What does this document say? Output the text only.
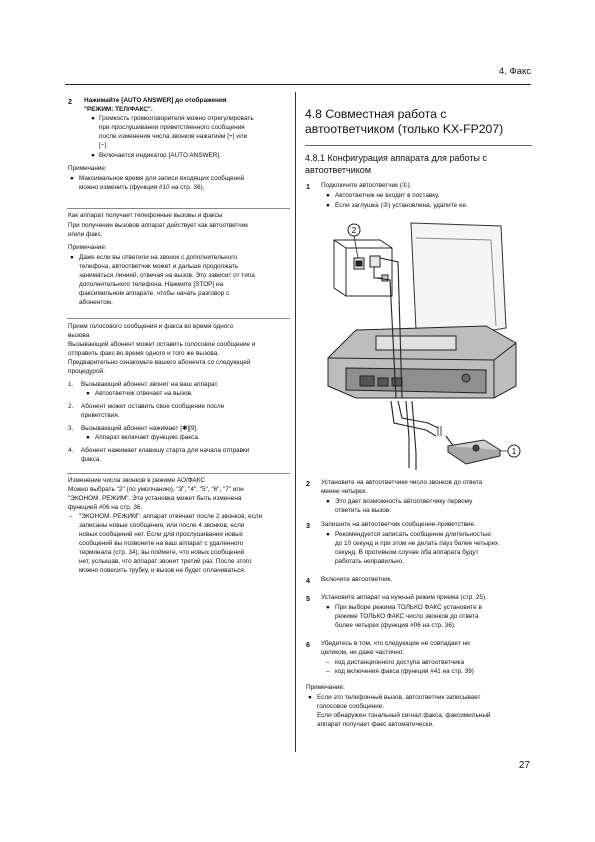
4. Факс
2 Нажимайте [AUTO ANSWER] до отображения
"РЕЖИМ: ТЕЛ/ФАКС".
● Громкость громкоговорителя можно отрегулировать
при прослушивании приветственного сообщения
после изменения числа звонков нажатием [+] или
[−].
● Включается индикатор [AUTO ANSWER].
Примечание:
● Максимальное время для записи входящих сообщений
можно изменить (функция #10 на стр. 36).
Как аппарат получает телефонные вызовы и факсы
При получении вызовов аппарат действует как автоответчик
и/или факс.
Примечание:
● Даже если вы ответили на звонок с дополнительного
телефона, автоответчик может и дальше продолжать
заниматься линией, отвечая на вызов. Это зависит от типа
дополнительного телефона. Нажмите [STOP] на
факсимильном аппарате, чтобы начать разговор с
абонентом.
Прием голосового сообщения и факса во время одного
вызова
Вызывающий абонент может оставить голосовое сообщение и
отправить факс во время одного и того же вызова.
Предварительно ознакомьте вашего абонента со следующей
процедурой.
1. Вызывающий абонент звонит на ваш аппарат.
● Автоответчик отвечает на вызов.
2. Абонент может оставить свое сообщение после
приветствия.
3. Вызывающий абонент нажимает [✱][9].
● Аппарат включает функцию факса.
4. Абонент нажимает клавишу старта для начала отправки
факса.
Изменение числа звонков в режиме АО/ФАКС
Можно выбрать "2" (по умолчанию), "3", "4", "5", "6", "7" или
"ЭКОНОМ. РЕЖИМ". Эта установка может быть изменена
функцией #06 на стр. 36.
– "ЭКОНОМ. РЕЖИМ": аппарат отвечает после 2 звонков, если
записаны новые сообщения, или после 4 звонков, если
новых сообщений нет. Если для прослушивания новых
сообщений вы позвоните на ваш аппарат с удаленного
терминала (стр. 34), вы поймете, что новых сообщений
нет, услышав, что аппарат звонит третий раз. После этого
можно повесить трубку, и вызов не будет оплачиваться.
4.8 Совместная работа с
автоответчиком (только KX-FP207)
4.8.1 Конфигурация аппарата для работы с
автоответчиком
1 Подключите автоответчик (①).
● Автоответчик не входит в поставку.
● Если заглушка (②) установлена, удалите ее.
2
1
2 Установите на автоответчике число звонков до ответа
менее четырех.
● Это дает возможность автоответчику первому
ответить на вызов.
3 Запишите на автоответчик сообщение-приветствие.
● Рекомендуется записать сообщение длительностью
до 10 секунд и при этом не делать пауз более четырех
секунд. В противном случае оба аппарата будут
работать неправильно.
4 Включите автоответчик.
5 Установите аппарат на нужный режим приема (стр. 25).
● При выборе режима ТОЛЬКО ФАКС установите в
режиме ТОЛЬКО ФАКС число звонков до ответа
более четырех (функция #06 на стр. 36).
6 Убедитесь в том, что следующие не совпадает ни
целиком, ни даже частично:
– код дистанционного доступа автоответчика
– код включения факса (функция #41 на стр. 39)
Примечание:
● Если это телефонный вызов, автоответчик записывает
голосовое сообщение.
Если обнаружен тональный сигнал факса, факсимильный
аппарат получает факс автоматически.
27
